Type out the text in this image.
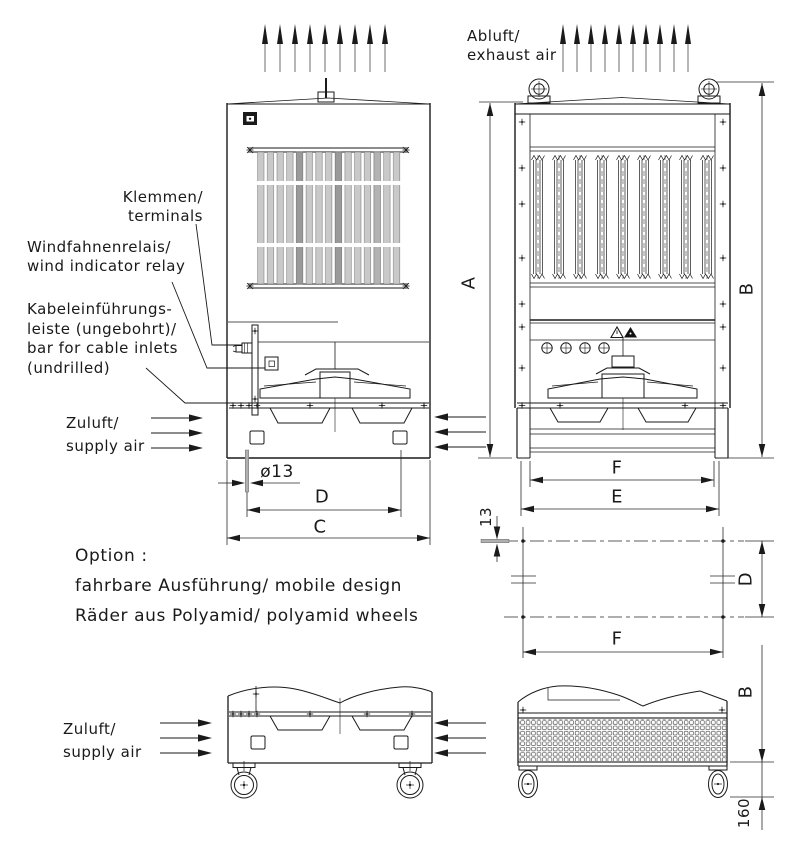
Abluft/
exhaust air
Klemmen/
terminals
Windfahnenrelais/
wind indicator relay
Kabeleinführungs-
leiste (ungebohrt)/
bar for cable inlets
(undrilled)
Zuluft/
supply air
Zuluft/
supply air
Option :
fahrbare Ausführung/ mobile design
Räder aus Polyamid/ polyamid wheels
A	B
C
D
ø13	F
E
13
D
F
B
160
